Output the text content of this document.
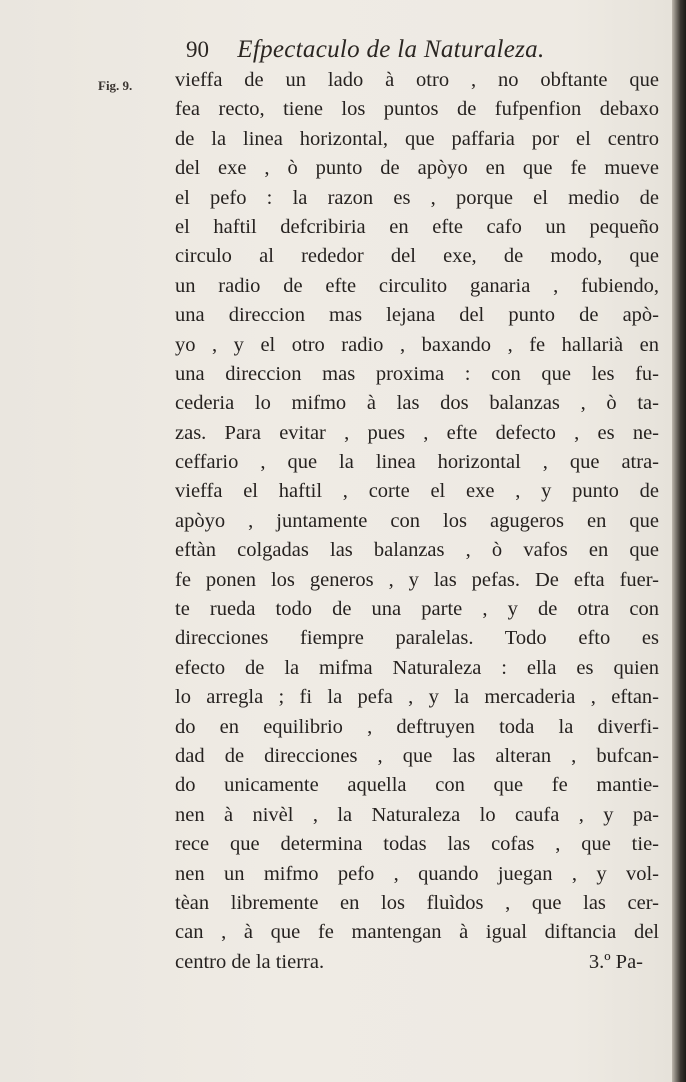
90 Efpectaculo de la Naturaleza.
Fig. 9. vieffa de un lado à otro , no obftante que
fea recto, tiene los puntos de fufpenfion debaxo
de la linea horizontal, que paffaria por el centro
del exe , ò punto de apòyo en que fe mueve
el pefo : la razon es , porque el medio de
el haftil defcribiria en efte cafo un pequeño
circulo al rededor del exe, de modo, que
un radio de efte circulito ganaria , fubiendo,
una direccion mas lejana del punto de apò-
yo , y el otro radio , baxando , fe hallarià en
una direccion mas proxima : con que les fu-
cederia lo mifmo à las dos balanzas , ò ta-
zas. Para evitar , pues , efte defecto , es ne-
ceffario , que la linea horizontal , que atra-
vieffa el haftil , corte el exe , y punto de
apòyo , juntamente con los agugeros en que
eftàn colgadas las balanzas , ò vafos en que
fe ponen los generos , y las pefas. De efta fuer-
te rueda todo de una parte , y de otra con
direcciones fiempre paralelas. Todo efto es
efecto de la mifma Naturaleza : ella es quien
lo arregla ; fi la pefa , y la mercaderia , eftan-
do en equilibrio , deftruyen toda la diverfi-
dad de direcciones , que las alteran , bufcan-
do unicamente aquella con que fe mantie-
nen à nivèl , la Naturaleza lo caufa , y pa-
rece que determina todas las cofas , que tie-
nen un mifmo pefo , quando juegan , y vol-
tèan libremente en los fluìdos , que las cer-
can , à que fe mantengan à igual diftancia del
centro de la tierra.	3.º Pa-
